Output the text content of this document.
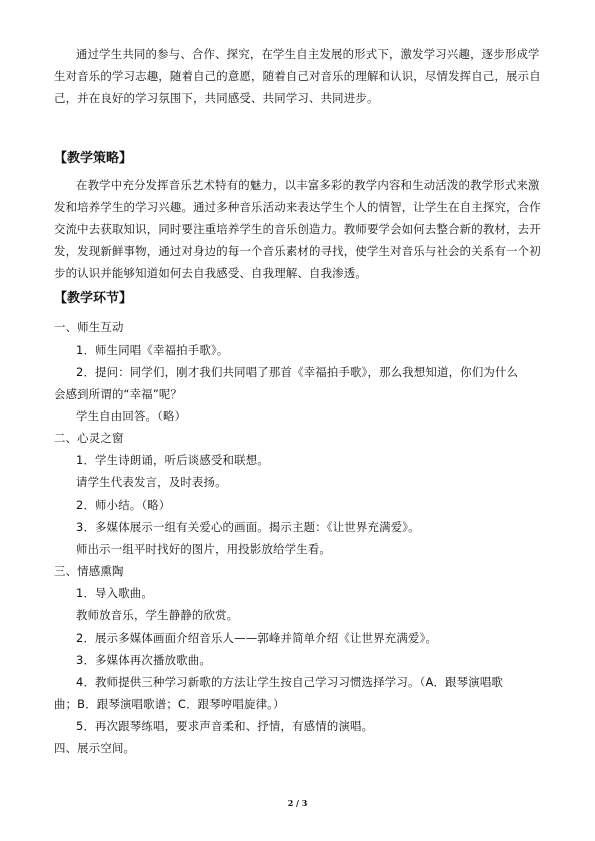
通过学生共同的参与、合作、探究，在学生自主发展的形式下，激发学习兴趣，逐步形成学生对音乐的学习志趣，随着自己的意愿，随着自己对音乐的理解和认识，尽情发挥自己，展示自己，并在良好的学习氛围下，共同感受、共同学习、共同进步。

【教学策略】

在教学中充分发挥音乐艺术特有的魅力，以丰富多彩的教学内容和生动活泼的教学形式来激发和培养学生的学习兴趣。通过多种音乐活动来表达学生个人的情智，让学生在自主探究，合作交流中去获取知识，同时要注重培养学生的音乐创造力。教师要学会如何去整合新的教材，去开发，发现新鲜事物，通过对身边的每一个音乐素材的寻找，使学生对音乐与社会的关系有一个初步的认识并能够知道如何去自我感受、自我理解、自我渗透。

【教学环节】

一、师生互动

1．师生同唱《幸福拍手歌》。

2．提问：同学们，刚才我们共同唱了那首《幸福拍手歌》，那么我想知道，你们为什么

会感到所谓的“幸福”呢？

学生自由回答。（略）

二、心灵之窗

1．学生诗朗诵，听后谈感受和联想。

请学生代表发言，及时表扬。

2．师小结。（略）

3．多媒体展示一组有关爱心的画面。揭示主题：《让世界充满爱》。

师出示一组平时找好的图片，用投影放给学生看。

三、情感熏陶

1．导入歌曲。

教师放音乐，学生静静的欣赏。

2．展示多媒体画面介绍音乐人——郭峰并简单介绍《让世界充满爱》。

3．多媒体再次播放歌曲。

4．教师提供三种学习新歌的方法让学生按自己学习习惯选择学习。（A．跟琴演唱歌

曲；B．跟琴演唱歌谱；C．跟琴哼唱旋律。）

5．再次跟琴练唱，要求声音柔和、抒情，有感情的演唱。

四、展示空间。

2 / 3
